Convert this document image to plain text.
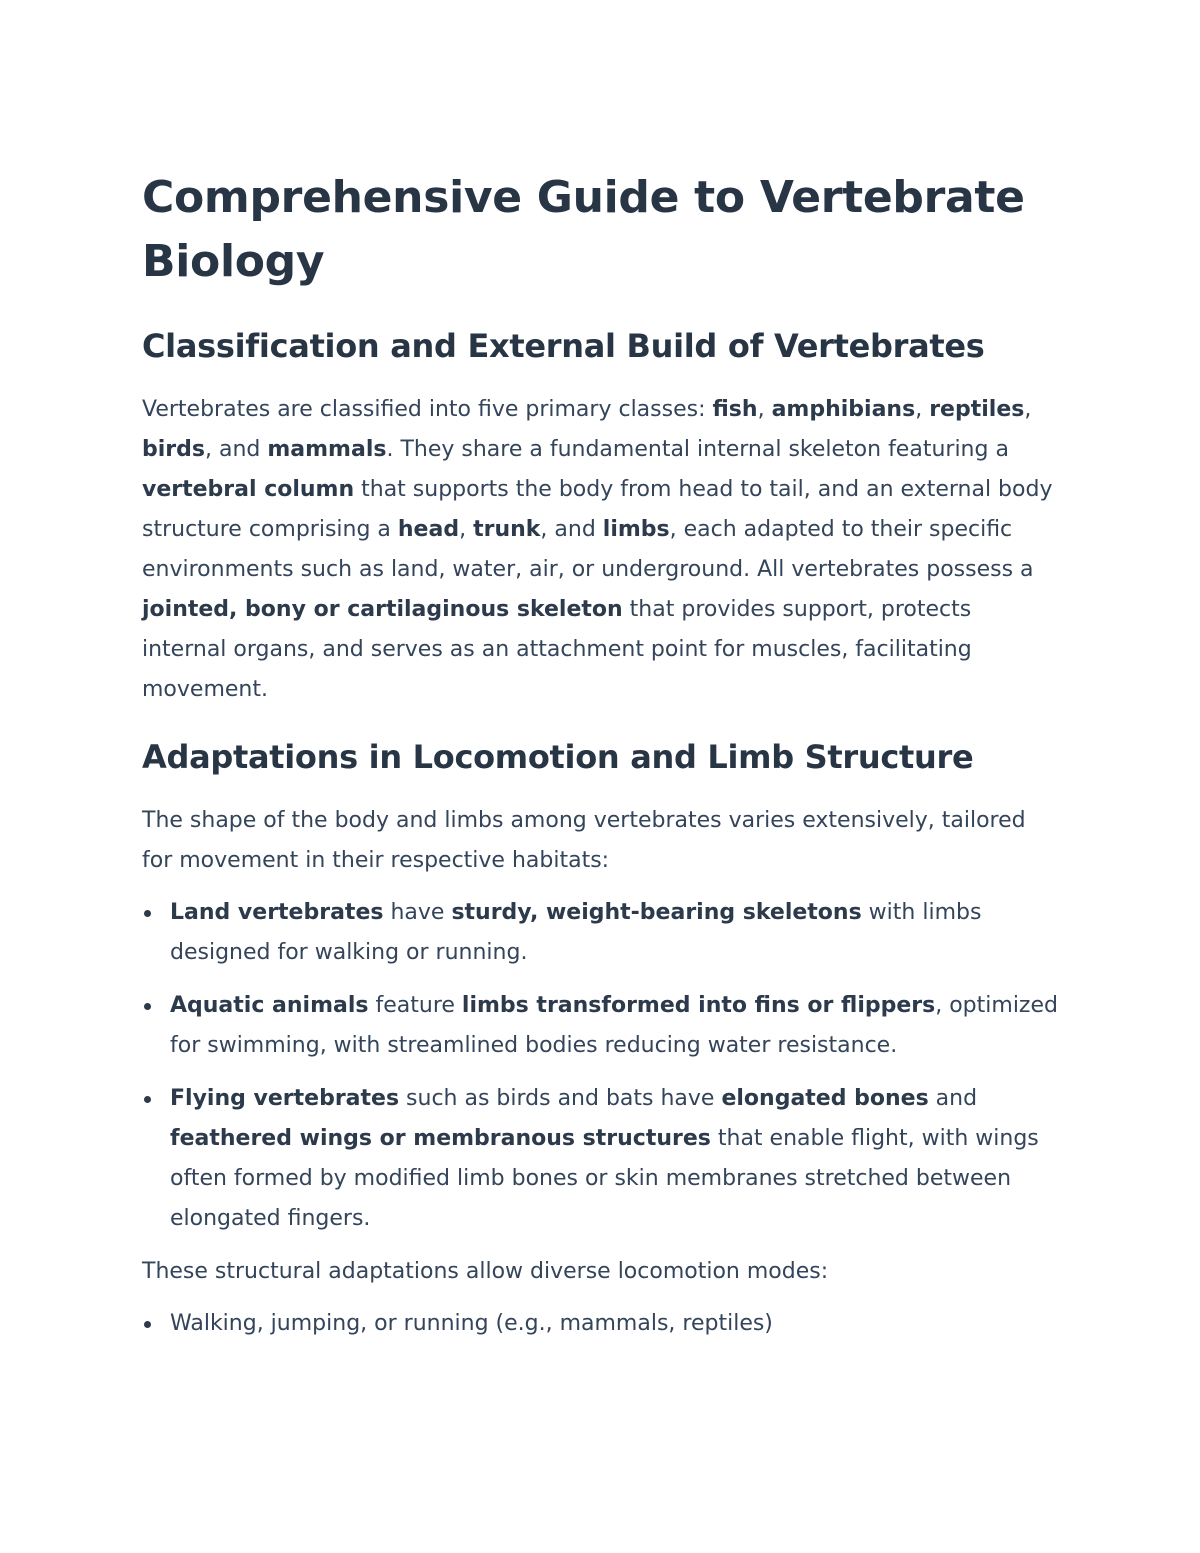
Comprehensive Guide to Vertebrate Biology
Classification and External Build of Vertebrates

Vertebrates are classified into five primary classes: fish, amphibians, reptiles, birds, and mammals. They share a fundamental internal skeleton featuring a vertebral column that supports the body from head to tail, and an external body structure comprising a head, trunk, and limbs, each adapted to their specific environments such as land, water, air, or underground. All vertebrates possess a jointed, bony or cartilaginous skeleton that provides support, protects internal organs, and serves as an attachment point for muscles, facilitating movement.

Adaptations in Locomotion and Limb Structure

The shape of the body and limbs among vertebrates varies extensively, tailored for movement in their respective habitats:

Land vertebrates have sturdy, weight-bearing skeletons with limbs designed for walking or running.
Aquatic animals feature limbs transformed into fins or flippers, optimized for swimming, with streamlined bodies reducing water resistance.
Flying vertebrates such as birds and bats have elongated bones and feathered wings or membranous structures that enable flight, with wings often formed by modified limb bones or skin membranes stretched between elongated fingers.

These structural adaptations allow diverse locomotion modes:

Walking, jumping, or running (e.g., mammals, reptiles)
